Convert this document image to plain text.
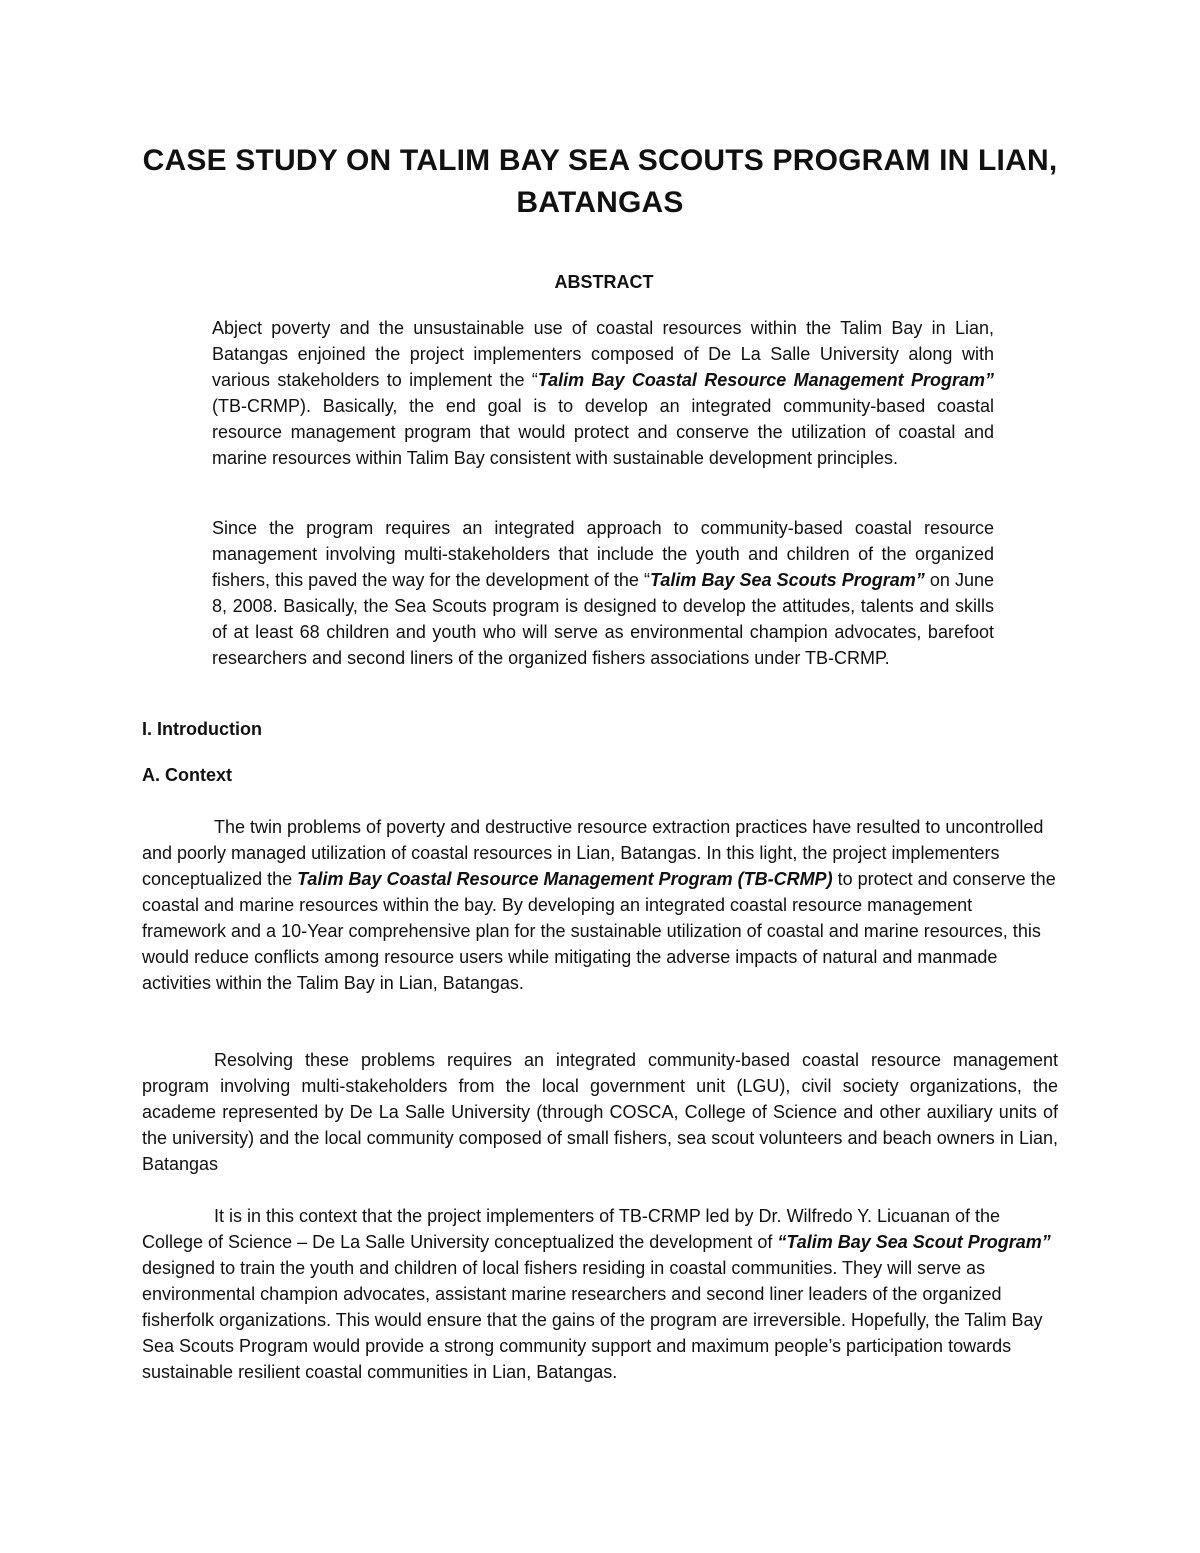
CASE STUDY ON TALIM BAY SEA SCOUTS PROGRAM IN LIAN, BATANGAS
ABSTRACT

Abject poverty and the unsustainable use of coastal resources within the Talim Bay in Lian, Batangas enjoined the project implementers composed of De La Salle University along with various stakeholders to implement the “Talim Bay Coastal Resource Management Program” (TB-CRMP). Basically, the end goal is to develop an integrated community-based coastal resource management program that would protect and conserve the utilization of coastal and marine resources within Talim Bay consistent with sustainable development principles.

Since the program requires an integrated approach to community-based coastal resource management involving multi-stakeholders that include the youth and children of the organized fishers, this paved the way for the development of the “Talim Bay Sea Scouts Program” on June 8, 2008. Basically, the Sea Scouts program is designed to develop the attitudes, talents and skills of at least 68 children and youth who will serve as environmental champion advocates, barefoot researchers and second liners of the organized fishers associations under TB-CRMP.

I. Introduction
A. Context

The twin problems of poverty and destructive resource extraction practices have resulted to uncontrolled and poorly managed utilization of coastal resources in Lian, Batangas. In this light, the project implementers conceptualized the Talim Bay Coastal Resource Management Program (TB-CRMP) to protect and conserve the coastal and marine resources within the bay. By developing an integrated coastal resource management framework and a 10-Year comprehensive plan for the sustainable utilization of coastal and marine resources, this would reduce conflicts among resource users while mitigating the adverse impacts of natural and manmade activities within the Talim Bay in Lian, Batangas.

Resolving these problems requires an integrated community-based coastal resource management program involving multi-stakeholders from the local government unit (LGU), civil society organizations, the academe represented by De La Salle University (through COSCA, College of Science and other auxiliary units of the university) and the local community composed of small fishers, sea scout volunteers and beach owners in Lian, Batangas

It is in this context that the project implementers of TB-CRMP led by Dr. Wilfredo Y. Licuanan of the College of Science – De La Salle University conceptualized the development of “Talim Bay Sea Scout Program” designed to train the youth and children of local fishers residing in coastal communities. They will serve as environmental champion advocates, assistant marine researchers and second liner leaders of the organized fisherfolk organizations. This would ensure that the gains of the program are irreversible. Hopefully, the Talim Bay Sea Scouts Program would provide a strong community support and maximum people’s participation towards sustainable resilient coastal communities in Lian, Batangas.
